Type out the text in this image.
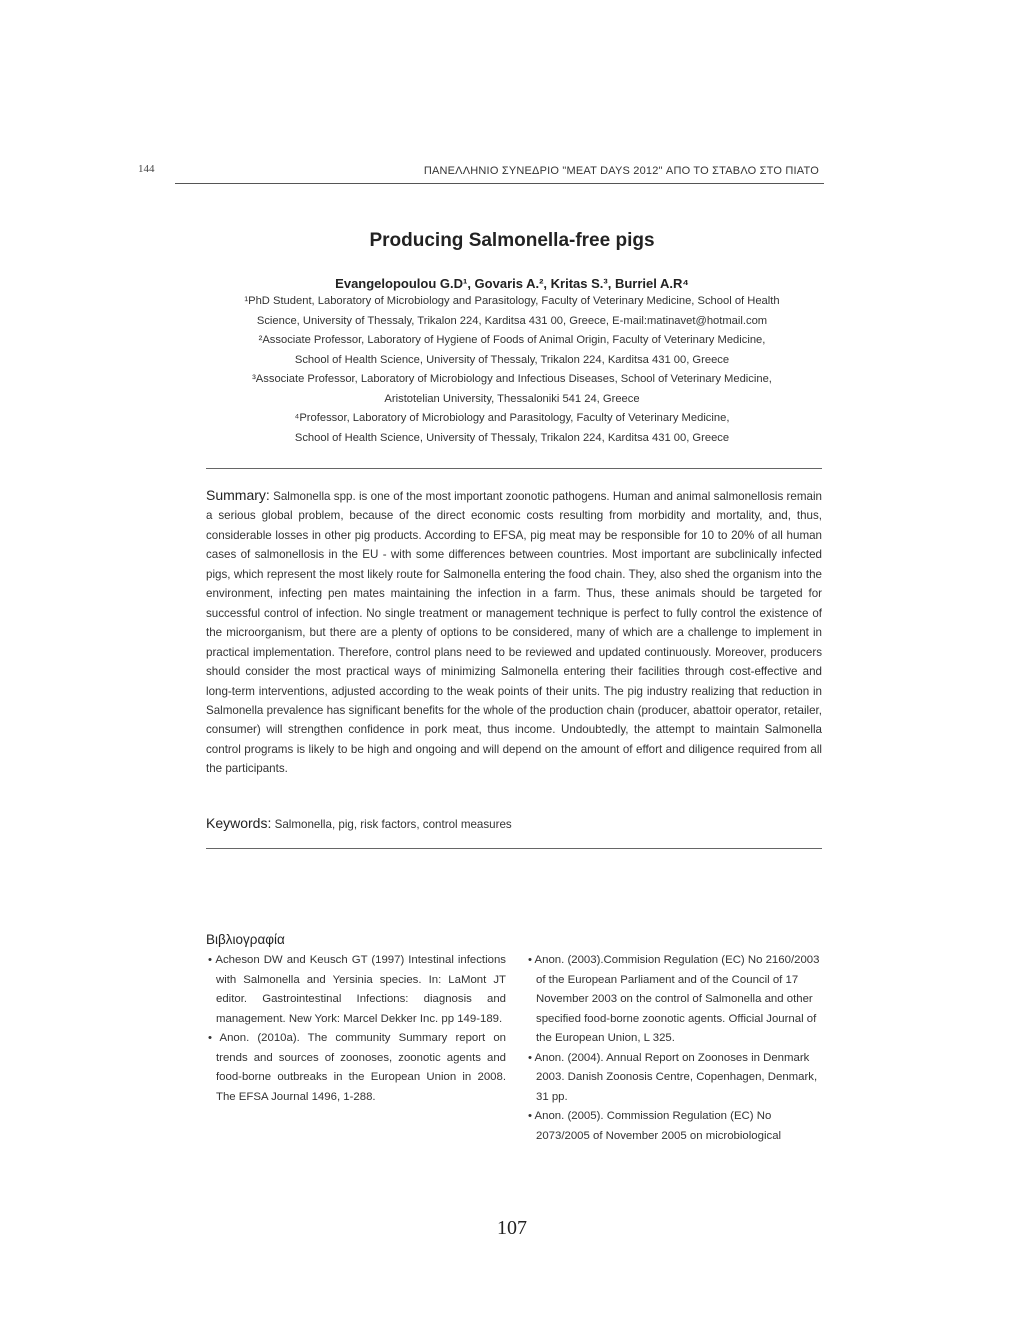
144	ΠΑΝΕΛΛΗΝΙΟ ΣΥΝΕΔΡΙΟ "MEAT DAYS 2012" ΑΠΟ ΤΟ ΣΤΑΒΛΟ ΣΤΟ ΠΙΑΤΟ
Producing Salmonella-free pigs
Evangelopoulou G.D¹, Govaris A.², Kritas S.³, Burriel A.R⁴

¹PhD Student, Laboratory of Microbiology and Parasitology, Faculty of Veterinary Medicine, School of Health

Science, University of Thessaly, Trikalon 224, Karditsa 431 00, Greece, E-mail:matinavet@hotmail.com

²Associate Professor, Laboratory of Hygiene of Foods of Animal Origin, Faculty of Veterinary Medicine,

School of Health Science, University of Thessaly, Trikalon 224, Karditsa 431 00, Greece

³Associate Professor, Laboratory of Microbiology and Infectious Diseases, School of Veterinary Medicine,

Aristotelian University, Thessaloniki 541 24, Greece

⁴Professor, Laboratory of Microbiology and Parasitology, Faculty of Veterinary Medicine,

School of Health Science, University of Thessaly, Trikalon 224, Karditsa 431 00, Greece

Summary: Salmonella spp. is one of the most important zoonotic pathogens. Human and animal salmonellosis remain a serious global problem, because of the direct economic costs resulting from morbidity and mortality, and, thus, considerable losses in other pig products. According to EFSA, pig meat may be responsible for 10 to 20% of all human cases of salmonellosis in the EU - with some differences between countries. Most important are subclinically infected pigs, which represent the most likely route for Salmonella entering the food chain. They, also shed the organism into the environment, infecting pen mates maintaining the infection in a farm. Thus, these animals should be targeted for successful control of infection. No single treatment or management technique is perfect to fully control the existence of the microorganism, but there are a plenty of options to be considered, many of which are a challenge to implement in practical implementation. Therefore, control plans need to be reviewed and updated continuously. Moreover, producers should consider the most practical ways of minimizing Salmonella entering their facilities through cost-effective and long-term interventions, adjusted according to the weak points of their units. The pig industry realizing that reduction in Salmonella prevalence has significant benefits for the whole of the production chain (producer, abattoir operator, retailer, consumer) will strengthen confidence in pork meat, thus income. Undoubtedly, the attempt to maintain Salmonella control programs is likely to be high and ongoing and will depend on the amount of effort and diligence required from all the participants.
Keywords: Salmonella, pig, risk factors, control measures
Βιβλιογραφία

• Acheson DW and Keusch GT (1997) Intestinal infections with Salmonella and Yersinia species. In: LaMont JT editor. Gastrointestinal Infections: diagnosis and management. New York: Marcel Dekker Inc. pp 149-189.

• Anon. (2010a). The community Summary report on trends and sources of zoonoses, zoonotic agents and food-borne outbreaks in the European Union in 2008. The EFSA Journal 1496, 1-288.

• Anon. (2003).Commision Regulation (EC) No 2160/2003 of the European Parliament and of the Council of 17 November 2003 on the control of Salmonella and other specified food-borne zoonotic agents. Official Journal of the European Union, L 325.

• Anon. (2004). Annual Report on Zoonoses in Denmark 2003. Danish Zoonosis Centre, Copenhagen, Denmark, 31 pp.

• Anon. (2005). Commission Regulation (EC) No 2073/2005 of November 2005 on microbiological

107
